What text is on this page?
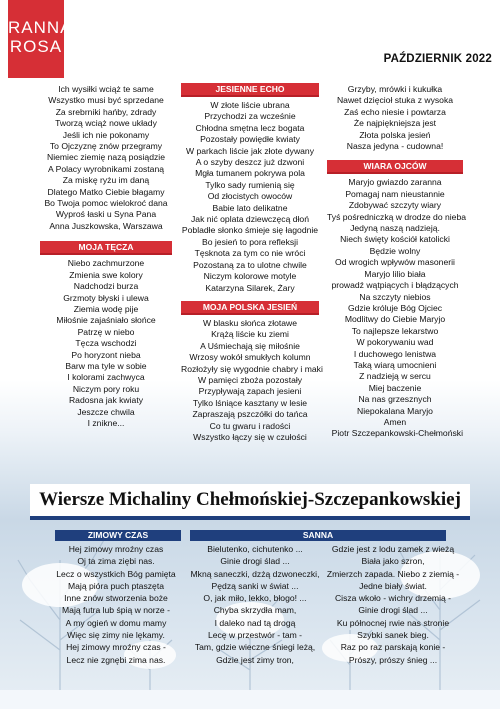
RANNA
ROSA
PAŹDZIERNIK 2022
Ich wysiłki wciąż te same
Wszystko musi być sprzedane
Za srebrniki hańby, zdrady
Tworzą wciąż nowe układy
Jeśli ich nie pokonamy
To Ojczyznę znów przegramy
Niemiec ziemię nazą posiądzie
A Polacy wyrobnikami zostaną
Za miskę ryżu im daną
Dlatego Matko Ciebie błagamy
Bo Twoja pomoc wielokroć dana
Wyproś łaski u Syna Pana
Anna Juszkowska, Warszawa
MOJA TĘCZA
Niebo zachmurzone
Zmienia swe kolory
Nadchodzi burza
Grzmoty błyski i ulewa
Ziemia wodę pije
Miłośnie zajaśniało słońce
Patrzę w niebo
Tęcza wschodzi
Po horyzont nieba
Barw ma tyle w sobie
I kolorami zachwyca
Niczym pory roku
Radosna jak kwiaty
Jeszcze chwila
I znikne...
JESIENNE ECHO
W złote liście ubrana
Przychodzi za wcześnie
Chłodna smętna lecz bogata
Pozostały powiędłe kwiaty
W parkach liście jak złote dywany
A o szyby deszcz już dzwoni
Mgła tumanem pokrywa pola
Tylko sady rumienią się
Od złocistych owoców
Babie lato delikatne
Jak nić oplata dziewczęcą dłoń
Pobladłe słonko śmieje się łagodnie
Bo jesień to pora refleksji
Tęsknota za tym co nie wróci
Pozostaną za to ulotne chwile
Niczym kolorowe motyle
Katarzyna Silarek, Żary
MOJA POLSKA JESIEŃ
W blasku słońca złotawe
Krążą liście ku ziemi
A Uśmiechają się miłośnie
Wrzosy wokół smukłych kolumn
Rozłożyły się wygodnie chabry i maki
W pamięci zboża pozostały
Przypływają zapach jesieni
Tylko lśniące kasztany w lesie
Zapraszają pszczółki do tańca
Co tu gwaru i radości
Wszystko łączy się w czułości
Grzyby, mrówki i kukułka
Nawet dzięcioł stuka z wysoka
Zaś echo niesie i powtarza
Że najpiękniejsza jest
Złota polska jesień
Nasza jedyna - cudowna!
WIARA OJCÓW
Maryjo gwiazdo zaranna
Pomagaj nam nieustannie
Zdobywać szczyty wiary
Tyś pośredniczką w drodze do nieba
Jedyną naszą nadzieją.
Niech święty kościół katolicki
Będzie wolny
Od wrogich wpływów masonerii
Maryjo lilio biała
prowadź wątpiących i błądzących
Na szczyty niebios
Gdzie króluje Bóg Ojciec
Modlitwy do Ciebie Maryjo
To najlepsze lekarstwo
W pokorywaniu wad
I duchowego lenistwa
Taką wiarą umocnieni
Z nadzieją w sercu
Miej baczenie
Na nas grzesznych
Niepokalana Maryjo
Amen
Piotr Szczepankowski-Chełmoński
Wiersze Michaliny Chełmońskiej-Szczepankowskiej
ZIMOWY CZAS	SANNA
Hej zimowy mroźny czas
Oj ta zima ziębi nas.
Lecz o wszystkich Bóg pamięta
Mają pióra puch ptaszęta
Inne znów stworzenia boże
Mają futra lub śpią w norze -
A my ogień w domu mamy
Więc się zimy nie lękamy.
Hej zimowy mroźny czas -
Lecz nie zgnębi zima nas.
Bielutenko, cichutenko ...
Ginie drogi ślad ...
Mkną saneczki, dzżą dzwoneczki,
Pędzą sanki w świat ...
O, jak miło, lekko, błogo! ...
Chyba skrzydła mam,
I daleko nad tą drogą
Lecę w przestwór - tam -
Tam, gdzie wieczne śniegi leżą,
Gdzie jest zimy tron,
Gdzie jest z lodu zamek z wieżą
Biała jako szron,
Zmierzch zapada. Niebo z ziemią -
Jedne biały świat.
Cisza wkoło - wichry drzemią -
Ginie drogi ślad ...
Ku północnej rwie nas stronie
Szybki sanek bieg.
Raz po raz parskają konie -
Prószy, prószy śnieg ...
